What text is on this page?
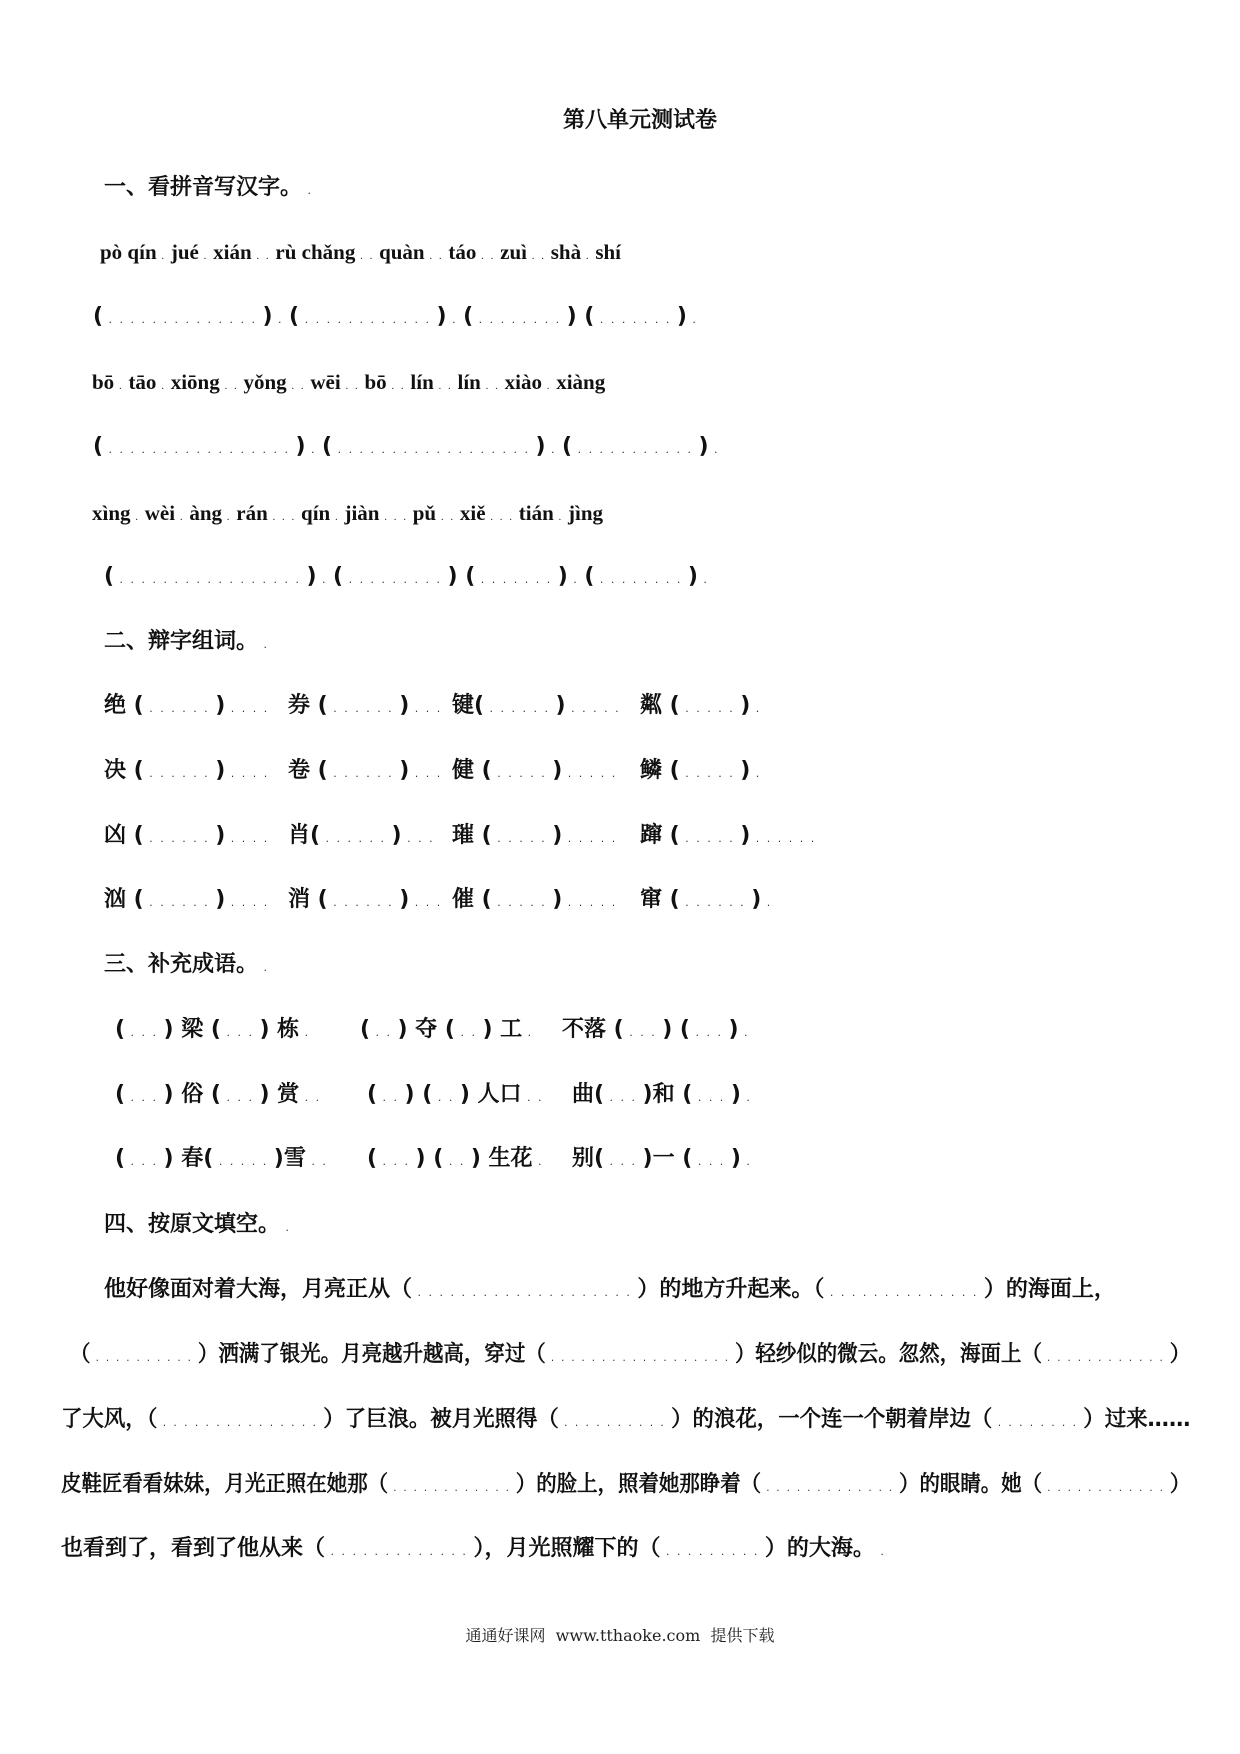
第八单元测试卷
一、看拼音写汉字。 .
pò qín . jué . xián . . rù chǎng . . quàn . . táo . . zuì . . shà . shí
( . . . . . . . . . . . . . . ) . ( . . . . . . . . . . . . ) . ( . . . . . . . . ) ( . . . . . . . ) .
bō . tāo . xiōng . . yǒng . . wēi . . bō . . lín . . lín . . xiào . xiàng
( . . . . . . . . . . . . . . . . . ) . ( . . . . . . . . . . . . . . . . . . ) . ( . . . . . . . . . . . ) .
xìng . wèi . àng . rán . . . qín . jiàn . . . pǔ . . xiě . . . tián . jìng
( . . . . . . . . . . . . . . . . . ) . ( . . . . . . . . . ) ( . . . . . . . ) . ( . . . . . . . . ) .
二、辩字组词。 .
绝 ( . . . . . . ) . . . . 券 ( . . . . . . ) . . . 键( . . . . . . ) . . . . . 粼 ( . . . . . ) .
决 ( . . . . . . ) . . . . 卷 ( . . . . . . ) . . . 健 ( . . . . . ) . . . . . 鳞 ( . . . . . ) .
凶 ( . . . . . . ) . . . . 肖( . . . . . . ) . . . 璀 ( . . . . . ) . . . . . 蹿 ( . . . . . ) . . . . . .
汹 ( . . . . . . ) . . . . 消 ( . . . . . . ) . . . 催 ( . . . . . ) . . . . . 窜 ( . . . . . . ) .
三、补充成语。 .
( . . . ) 梁 ( . . . ) 栋 . ( . . ) 夺 ( . . ) 工 . 不落 ( . . . ) ( . . . ) .
( . . . ) 俗 ( . . . ) 赏 . . ( . . ) ( . . ) 人口 . . 曲( . . . )和 ( . . . ) .
( . . . ) 春( . . . . . )雪 . . ( . . . ) ( . . ) 生花 . 别( . . . )一 ( . . . ) .
四、按原文填空。 .
他好像面对着大海，月亮正从（ . . . . . . . . . . . . . . . . . . . . ）的地方升起来。（ . . . . . . . . . . . . . . ）的海面上，
（ . . . . . . . . . . ）洒满了银光。月亮越升越高，穿过（ . . . . . . . . . . . . . . . . . . ）轻纱似的微云。忽然，海面上（ . . . . . . . . . . . . ）
了大风，（ . . . . . . . . . . . . . . . ）了巨浪。被月光照得（ . . . . . . . . . . ）的浪花，一个连一个朝着岸边（ . . . . . . . . ）过来……
皮鞋匠看看妹妹，月光正照在她那（ . . . . . . . . . . . . ）的脸上，照着她那睁着（ . . . . . . . . . . . . . ）的眼睛。她（ . . . . . . . . . . . . ）
也看到了，看到了他从来（ . . . . . . . . . . . . . ），月光照耀下的（ . . . . . . . . . ）的大海。 .
通通好课网  www.tthaoke.com  提供下载
